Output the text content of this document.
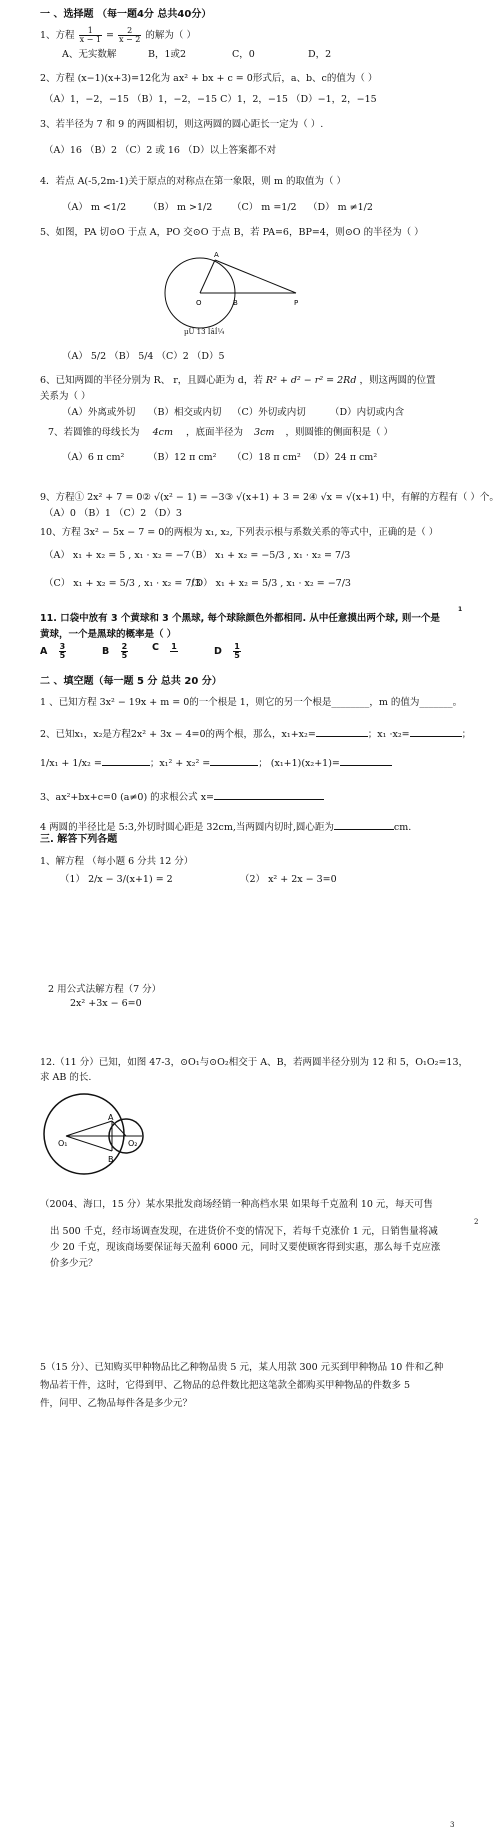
一 、选择题 （每一题4分 总共40分）
1、方程 $\frac{1}{x - 1} = \frac{2}{x - 2}$ 的解为（ ）
A、无实数解	B，1或2	C，0	D，2
2、方程 (x−1)(x+3)=12化为 ax² + bx + c = 0形式后，a、b、c的值为（ ）
（A）1，−2，−15 （B）1，−2，−15 C）1，2，−15 （D）−1，2，−15
3、若半径为 7 和 9 的两圆相切，则这两圆的圆心距长一定为（ ）.
（A）16 （B）2 （C）2 或 16 （D）以上答案都不对
4．若点 A(-5,2m-1)关于原点的对称点在第一象限，则 m 的取值为（ ）
（A） m <1/2 （B） m >1/2 （C） m =1/2 （D） m ≠1/2
5、如图，PA 切⊙O 于点 A，PO 交⊙O 于点 B，若 PA=6，BP=4，则⊙O 的半径为（ ）
A
O	B	P
µÜ 13 ÌâÍ¼
（A） 5/2 （B） 5/4 （C）2 （D）5
6、已知两圆的半径分别为 R、 r，且圆心距为 d，若 R² + d² − r² = 2Rd ，则这两圆的位置
关系为（ ）
（A）外离或外切 （B）相交或内切 （C）外切或内切	（D）内切或内含
7、若圆锥的母线长为 4cm ，底面半径为 3cm ，则圆锥的侧面积是（ ）
（A）6 π cm² （B）12 π cm² （C）18 π cm² （D）24 π cm²
9、方程① 2x² + 7 = 0② √(x² − 1) = −3③ √(x+1) + 3 = 2④ √x = √(x+1) 中，有解的方程有（ ）个。
（A）0 （B）1 （C）2 （D）3
10、方程 3x² − 5x − 7 = 0的两根为 x₁, x₂, 下列表示根与系数关系的等式中，正确的是（ ）
（A） x₁ + x₂ = 5 , x₁ · x₂ = −7
（B） x₁ + x₂ = −5/3 , x₁ · x₂ = 7/3
（C） x₁ + x₂ = 5/3 , x₁ · x₂ = 7/3
（D） x₁ + x₂ = 5/3 , x₁ · x₂ = −7/3
1
11. 口袋中放有 3 个黄球和 3 个黑球, 每个球除颜色外都相同. 从中任意摸出两个球, 则一个是
黄球，一个是黑球的概率是（ ）
A $\frac{3}{5}$	B $\frac{2}{5}$	C 1	D $\frac{1}{5}$
二 、填空题（每一题 5 分 总共 20 分）
1 、已知方程 3x² − 19x + m = 0的一个根是 1，则它的另一个根是________，m 的值为_______。
2、已知x₁，x₂是方程2x² + 3x − 4=0的两个根，那么，x₁+x₂=	；x₁ ·x₂=	；
1/x₁ + 1/x₂ =	；x₁² + x₂² =	； (x₁+1)(x₂+1)=
3、ax²+bx+c=0 (a≠0) 的求根公式 x=
4 两圆的半径比是 5:3,外切时圆心距是 32cm,当两圆内切时,圆心距为	cm.
三. 解答下列各题
1、解方程 （每小题 6 分共 12 分）
（1） 2/x − 3/(x+1) = 2	（2） x² + 2x − 3=0
2 用公式法解方程（7 分）
2x² +3x − 6=0
12.（11 分）已知，如图 47-3，⊙O₁与⊙O₂相交于 A、B，若两圆半径分别为 12 和 5，O₁O₂=13，
求 AB 的长.
A
B
O₁	O₂
（2004、海口，15 分）某水果批发商场经销一种高档水果 如果每千克盈利 10 元，每天可售
2
出 500 千克，经市场调查发现，在进货价不变的情况下，若每千克涨价 1 元，日销售量将减
少 20 千克，现该商场要保证每天盈利 6000 元，同时又要使顾客得到实惠，那么每千克应涨
价多少元？
5（15 分）、已知购买甲种物品比乙种物品贵 5 元，某人用款 300 元买到甲种物品 10 件和乙种
物品若干件，这时，它得到甲、乙物品的总件数比把这笔款全都购买甲种物品的件数多 5
件，问甲、乙物品每件各是多少元？
3
